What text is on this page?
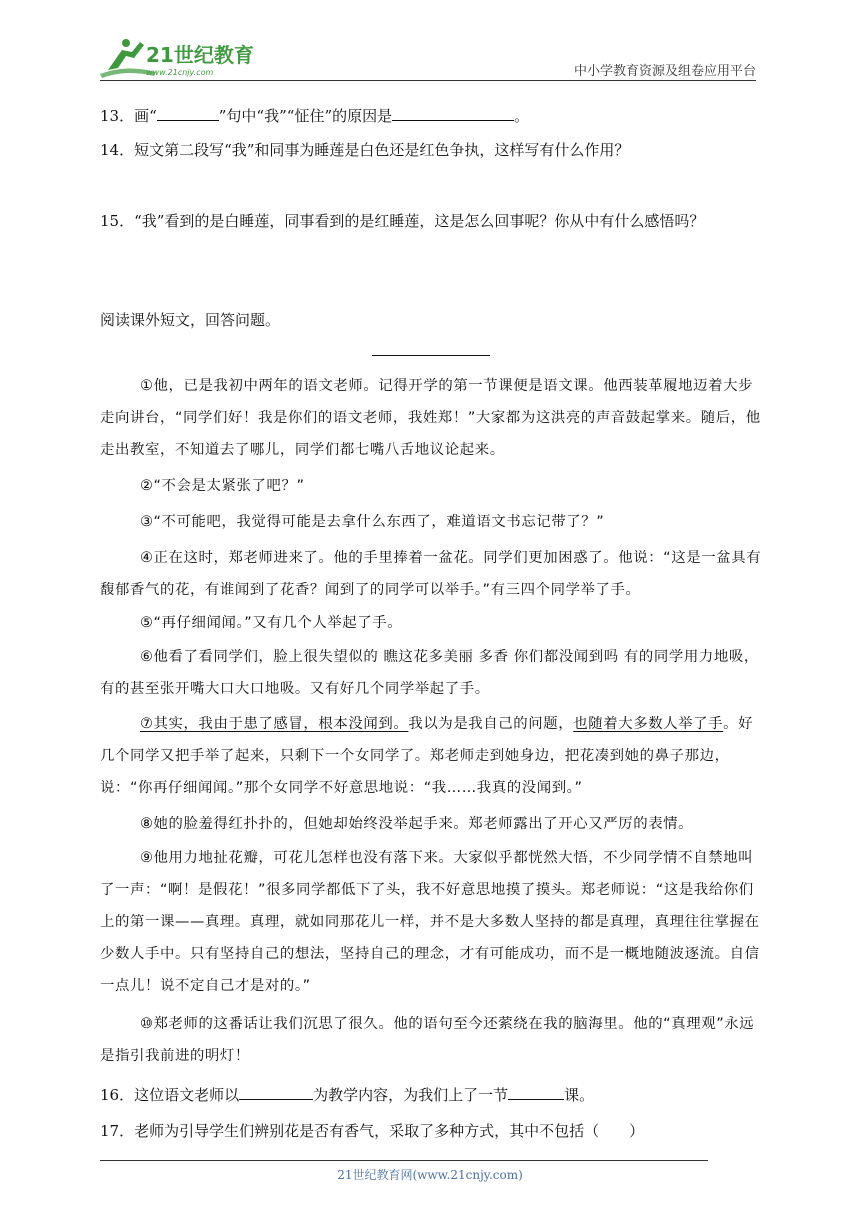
21世纪教育
www.21cnjy.com	中小学教育资源及组卷应用平台
13．画“	”句中“我”“怔住”的原因是	。
14．短文第二段写“我”和同事为睡莲是白色还是红色争执，这样写有什么作用？
15．“我”看到的是白睡莲，同事看到的是红睡莲，这是怎么回事呢？你从中有什么感悟吗？
阅读课外短文，回答问题。
①他，已是我初中两年的语文老师。记得开学的第一节课便是语文课。他西装革履地迈着大步走向讲台，“同学们好！我是你们的语文老师，我姓郑！”大家都为这洪亮的声音鼓起掌来。随后，他走出教室，不知道去了哪儿，同学们都七嘴八舌地议论起来。
②“不会是太紧张了吧？”
③“不可能吧，我觉得可能是去拿什么东西了，难道语文书忘记带了？”
④正在这时，郑老师进来了。他的手里捧着一盆花。同学们更加困惑了。他说：“这是一盆具有馥郁香气的花，有谁闻到了花香？闻到了的同学可以举手。”有三四个同学举了手。
⑤“再仔细闻闻。”又有几个人举起了手。
⑥他看了看同学们，脸上很失望似的 瞧这花多美丽 多香 你们都没闻到吗 有的同学用力地吸，有的甚至张开嘴大口大口地吸。又有好几个同学举起了手。
⑦其实，我由于患了感冒，根本没闻到。我以为是我自己的问题，也随着大多数人举了手。好几个同学又把手举了起来，只剩下一个女同学了。郑老师走到她身边，把花凑到她的鼻子那边，说：“你再仔细闻闻。”那个女同学不好意思地说：“我……我真的没闻到。”
⑧她的脸羞得红扑扑的，但她却始终没举起手来。郑老师露出了开心又严厉的表情。
⑨他用力地扯花瓣，可花儿怎样也没有落下来。大家似乎都恍然大悟，不少同学情不自禁地叫了一声：“啊！是假花！”很多同学都低下了头，我不好意思地摸了摸头。郑老师说：“这是我给你们上的第一课——真理。真理，就如同那花儿一样，并不是大多数人坚持的都是真理，真理往往掌握在少数人手中。只有坚持自己的想法，坚持自己的理念，才有可能成功，而不是一概地随波逐流。自信一点儿！说不定自己才是对的。”
⑩郑老师的这番话让我们沉思了很久。他的语句至今还萦绕在我的脑海里。他的“真理观”永远是指引我前进的明灯！
16．这位语文老师以	为教学内容，为我们上了一节	课。
17．老师为引导学生们辨别花是否有香气，采取了多种方式，其中不包括（　　）
21世纪教育网(www.21cnjy.com)
